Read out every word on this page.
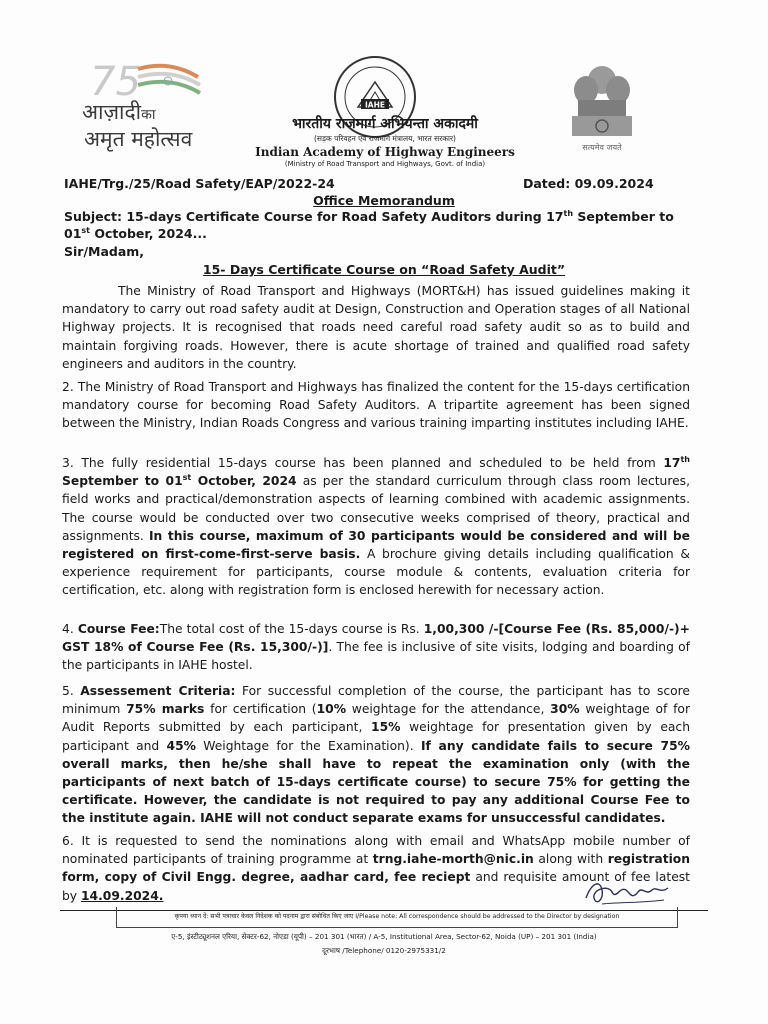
75
आज़ादीका
अमृत महोत्सव
IAHE
सत्यमेव जयते
भारतीय राजमार्ग अभियन्ता अकादमी
(सड़क परिवहन एवं राजमार्ग मंत्रालय, भारत सरकार)
Indian Academy of Highway Engineers
(Ministry of Road Transport and Highways, Govt. of India)
IAHE/Trg./25/Road Safety/EAP/2022-24	Dated: 09.09.2024
Office Memorandum
Subject: 15-days Certificate Course for Road Safety Auditors during 17th September to 01st October, 2024...
Sir/Madam,
15- Days Certificate Course on “Road Safety Audit”
The Ministry of Road Transport and Highways (MORT&H) has issued guidelines making it mandatory to carry out road safety audit at Design, Construction and Operation stages of all National Highway projects. It is recognised that roads need careful road safety audit so as to build and maintain forgiving roads. However, there is acute shortage of trained and qualified road safety engineers and auditors in the country.
2. The Ministry of Road Transport and Highways has finalized the content for the 15-days certification mandatory course for becoming Road Safety Auditors. A tripartite agreement has been signed between the Ministry, Indian Roads Congress and various training imparting institutes including IAHE.
3. The fully residential 15-days course has been planned and scheduled to be held from 17th September to 01st October, 2024 as per the standard curriculum through class room lectures, field works and practical/demonstration aspects of learning combined with academic assignments. The course would be conducted over two consecutive weeks comprised of theory, practical and assignments. In this course, maximum of 30 participants would be considered and will be registered on first-come-first-serve basis. A brochure giving details including qualification & experience requirement for participants, course module & contents, evaluation criteria for certification, etc. along with registration form is enclosed herewith for necessary action.
4. Course Fee:The total cost of the 15-days course is Rs. 1,00,300 /-[Course Fee (Rs. 85,000/-)+ GST 18% of Course Fee (Rs. 15,300/-)]. The fee is inclusive of site visits, lodging and boarding of the participants in IAHE hostel.
5. Assessement Criteria: For successful completion of the course, the participant has to score minimum 75% marks for certification (10% weightage for the attendance, 30% weightage of for Audit Reports submitted by each participant, 15% weightage for presentation given by each participant and 45% Weightage for the Examination). If any candidate fails to secure 75% overall marks, then he/she shall have to repeat the examination only (with the participants of next batch of 15-days certificate course) to secure 75% for getting the certificate. However, the candidate is not required to pay any additional Course Fee to the institute again. IAHE will not conduct separate exams for unsuccessful candidates.
6. It is requested to send the nominations along with email and WhatsApp mobile number of nominated participants of training programme at trng.iahe-morth@nic.in along with registration form, copy of Civil Engg. degree, aadhar card, fee reciept and requisite amount of fee latest by 14.09.2024.
कृपया ध्यान दें: सभी पत्राचार केवल निदेशक को पदनाम द्वारा संबोधित किए जाए I/Please note: All correspondence should be addressed to the Director by designation
ए-5, इंस्टीट्यूशनल एरिया, सेक्टर-62, नोएडा (यूपी) – 201 301 (भारत) / A-5, Institutional Area, Sector-62, Noida (UP) – 201 301 (India)
दूरभाष /Telephone/ 0120-2975331/2
